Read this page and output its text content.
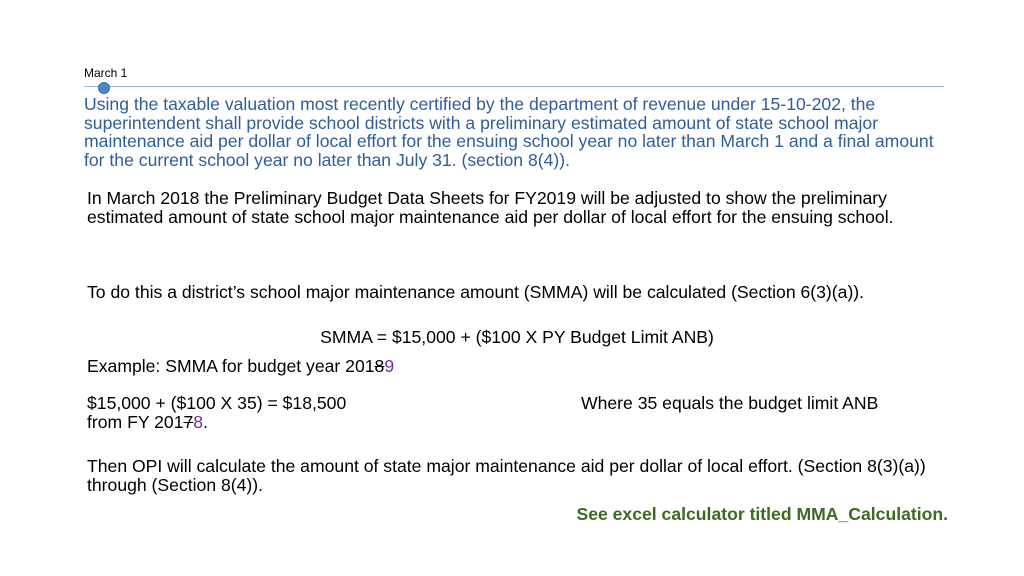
March 1
Using the taxable valuation most recently certified by the department of revenue under 15-10-202, the superintendent shall provide school districts with a preliminary estimated amount of state school major maintenance aid per dollar of local effort for the ensuing school year no later than March 1 and a final amount for the current school year no later than July 31. (section 8(4)).
In March 2018 the Preliminary Budget Data Sheets for FY2019 will be adjusted to show the preliminary estimated amount of state school major maintenance aid per dollar of local effort for the ensuing school.
To do this a district’s school major maintenance amount (SMMA) will be calculated (Section 6(3)(a)).
SMMA = $15,000 + ($100 X PY Budget Limit ANB)
Example: SMMA for budget year 20189
$15,000 + ($100 X 35) = $18,500	Where 35 equals the budget limit ANB
from FY 20178.
Then OPI will calculate the amount of state major maintenance aid per dollar of local effort. (Section 8(3)(a)) through (Section 8(4)).
See excel calculator titled MMA_Calculation.
